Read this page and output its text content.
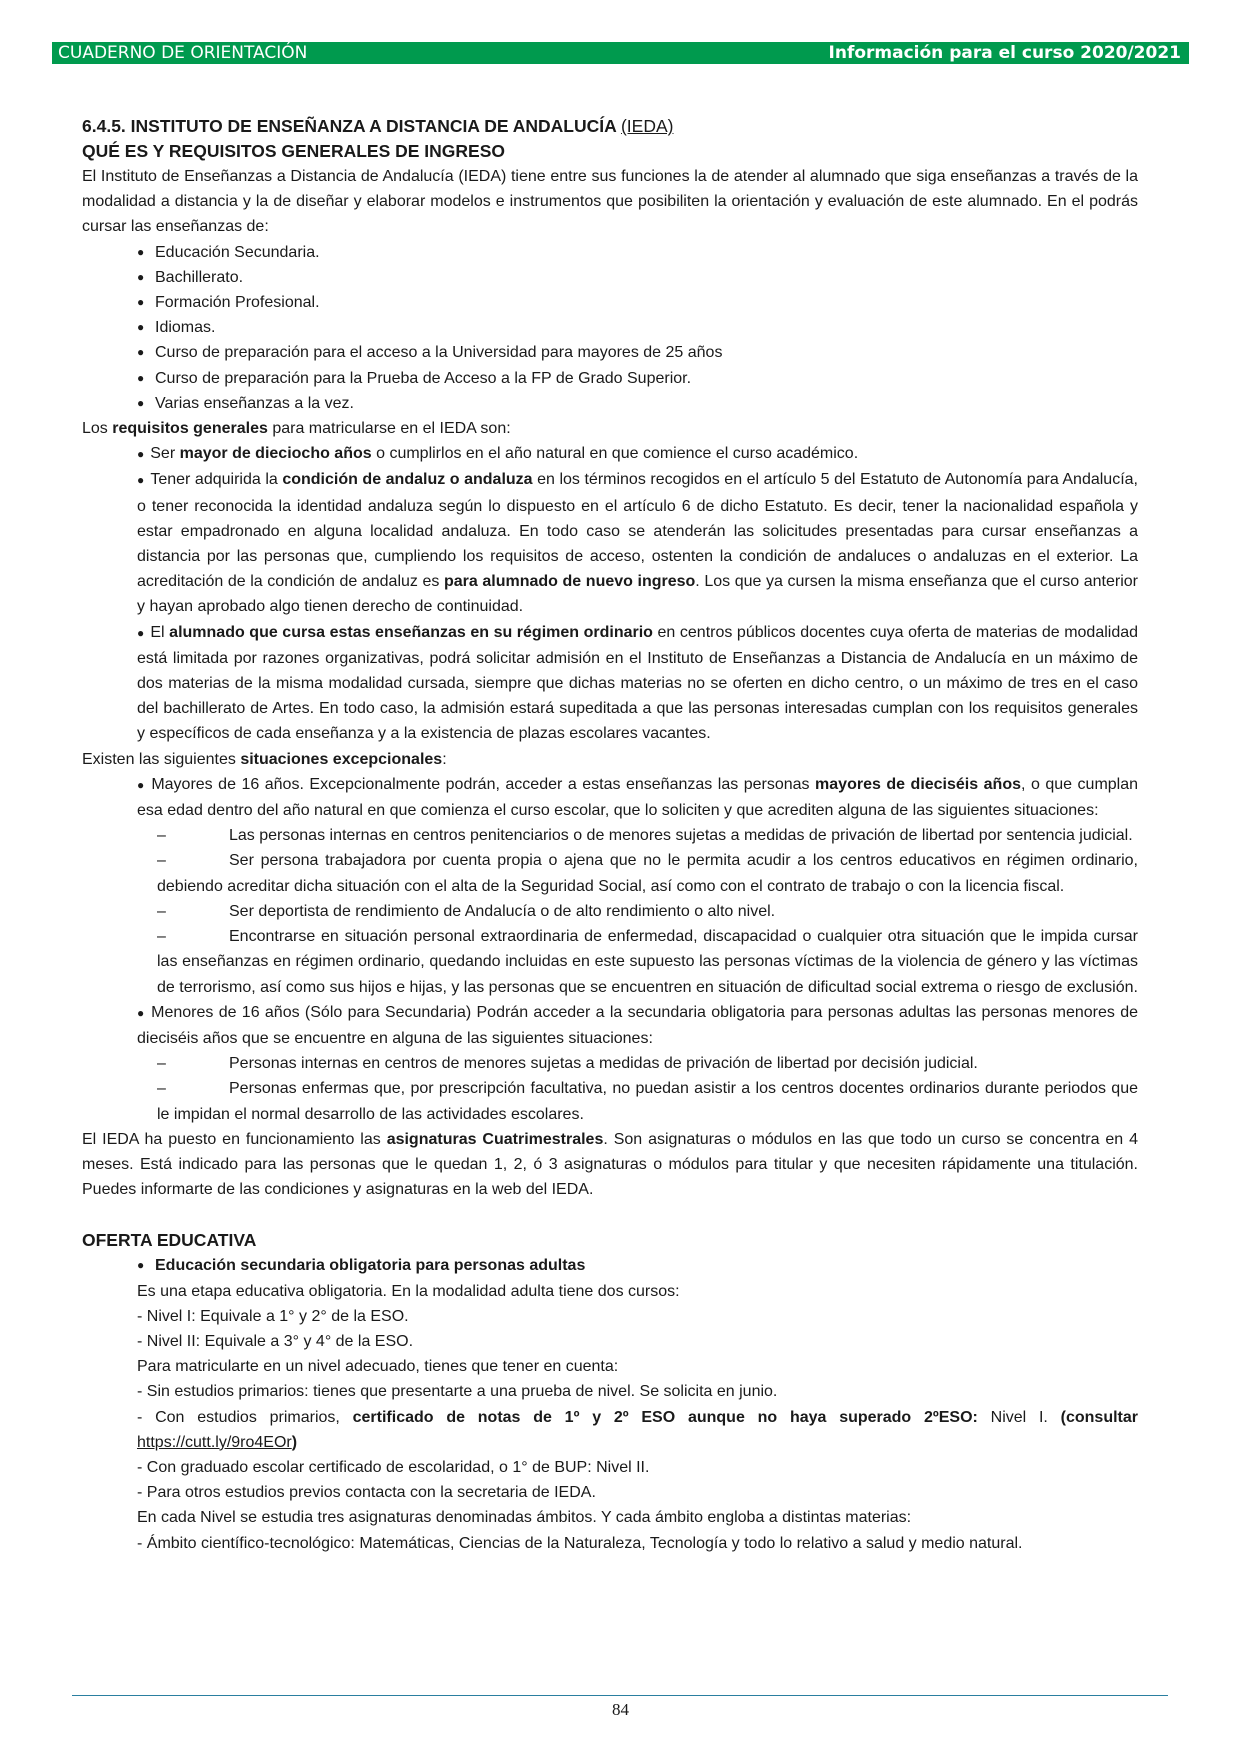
CUADERNO DE ORIENTACIÓN	Información para el curso 2020/2021
6.4.5. INSTITUTO DE ENSEÑANZA A DISTANCIA DE ANDALUCÍA (IEDA)
QUÉ ES Y REQUISITOS GENERALES DE INGRESO

El Instituto de Enseñanzas a Distancia de Andalucía (IEDA) tiene entre sus funciones la de atender al alumnado que siga enseñanzas a través de la modalidad a distancia y la de diseñar y elaborar modelos e instrumentos que posibiliten la orientación y evaluación de este alumnado. En el podrás cursar las enseñanzas de:

● Educación Secundaria.
● Bachillerato.
● Formación Profesional.
● Idiomas.
● Curso de preparación para el acceso a la Universidad para mayores de 25 años
● Curso de preparación para la Prueba de Acceso a la FP de Grado Superior.
● Varias enseñanzas a la vez.

Los requisitos generales para matricularse en el IEDA son:

● Ser mayor de dieciocho años o cumplirlos en el año natural en que comience el curso académico.
● Tener adquirida la condición de andaluz o andaluza en los términos recogidos en el artículo 5 del Estatuto de Autonomía para Andalucía, o tener reconocida la identidad andaluza según lo dispuesto en el artículo 6 de dicho Estatuto. Es decir, tener la nacionalidad española y estar empadronado en alguna localidad andaluza. En todo caso se atenderán las solicitudes presentadas para cursar enseñanzas a distancia por las personas que, cumpliendo los requisitos de acceso, ostenten la condición de andaluces o andaluzas en el exterior. La acreditación de la condición de andaluz es para alumnado de nuevo ingreso. Los que ya cursen la misma enseñanza que el curso anterior y hayan aprobado algo tienen derecho de continuidad.
● El alumnado que cursa estas enseñanzas en su régimen ordinario en centros públicos docentes cuya oferta de materias de modalidad está limitada por razones organizativas, podrá solicitar admisión en el Instituto de Enseñanzas a Distancia de Andalucía en un máximo de dos materias de la misma modalidad cursada, siempre que dichas materias no se oferten en dicho centro, o un máximo de tres en el caso del bachillerato de Artes. En todo caso, la admisión estará supeditada a que las personas interesadas cumplan con los requisitos generales y específicos de cada enseñanza y a la existencia de plazas escolares vacantes.

Existen las siguientes situaciones excepcionales:

● Mayores de 16 años. Excepcionalmente podrán, acceder a estas enseñanzas las personas mayores de dieciséis años, o que cumplan esa edad dentro del año natural en que comienza el curso escolar, que lo soliciten y que acrediten alguna de las siguientes situaciones:
–	Las personas internas en centros penitenciarios o de menores sujetas a medidas de privación de libertad por sentencia judicial.
–	Ser persona trabajadora por cuenta propia o ajena que no le permita acudir a los centros educativos en régimen ordinario, debiendo acreditar dicha situación con el alta de la Seguridad Social, así como con el contrato de trabajo o con la licencia fiscal.
–	Ser deportista de rendimiento de Andalucía o de alto rendimiento o alto nivel.
–	Encontrarse en situación personal extraordinaria de enfermedad, discapacidad o cualquier otra situación que le impida cursar las enseñanzas en régimen ordinario, quedando incluidas en este supuesto las personas víctimas de la violencia de género y las víctimas de terrorismo, así como sus hijos e hijas, y las personas que se encuentren en situación de dificultad social extrema o riesgo de exclusión.
● Menores de 16 años (Sólo para Secundaria) Podrán acceder a la secundaria obligatoria para personas adultas las personas menores de dieciséis años que se encuentre en alguna de las siguientes situaciones:
–	Personas internas en centros de menores sujetas a medidas de privación de libertad por decisión judicial.
–	Personas enfermas que, por prescripción facultativa, no puedan asistir a los centros docentes ordinarios durante periodos que le impidan el normal desarrollo de las actividades escolares.

El IEDA ha puesto en funcionamiento las asignaturas Cuatrimestrales. Son asignaturas o módulos en las que todo un curso se concentra en 4 meses. Está indicado para las personas que le quedan 1, 2, ó 3 asignaturas o módulos para titular y que necesiten rápidamente una titulación. Puedes informarte de las condiciones y asignaturas en la web del IEDA.

OFERTA EDUCATIVA
● Educación secundaria obligatoria para personas adultas
Es una etapa educativa obligatoria. En la modalidad adulta tiene dos cursos:
- Nivel I: Equivale a 1° y 2° de la ESO.
- Nivel II: Equivale a 3° y 4° de la ESO.
Para matricularte en un nivel adecuado, tienes que tener en cuenta:
- Sin estudios primarios: tienes que presentarte a una prueba de nivel. Se solicita en junio.
- Con estudios primarios, certificado de notas de 1º y 2º ESO aunque no haya superado 2ºESO: Nivel I. (consultar https://cutt.ly/9ro4EOr)
- Con graduado escolar certificado de escolaridad, o 1° de BUP: Nivel II.
- Para otros estudios previos contacta con la secretaria de IEDA.
En cada Nivel se estudia tres asignaturas denominadas ámbitos. Y cada ámbito engloba a distintas materias:
- Ámbito científico-tecnológico: Matemáticas, Ciencias de la Naturaleza, Tecnología y todo lo relativo a salud y medio natural.
84
